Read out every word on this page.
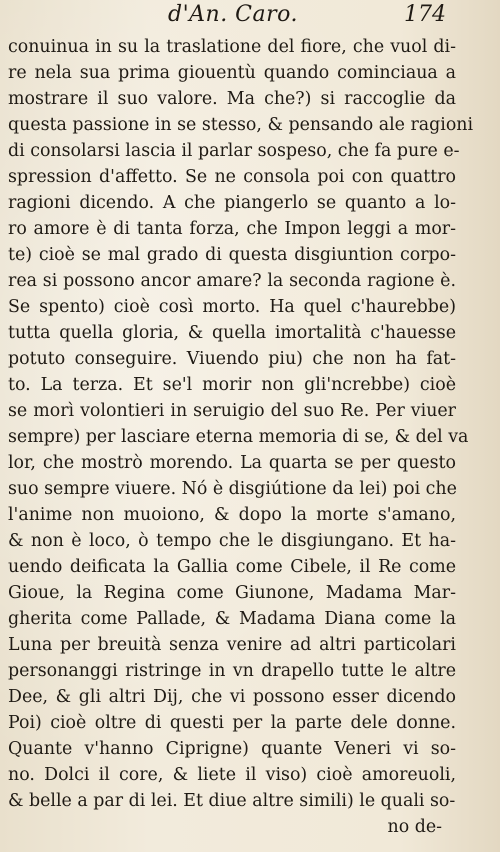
d'An. Caro.	174
conuinua in su la traslatione del fiore, che vuol di-
re nela sua prima giouentù quando cominciaua a
mostrare il suo valore. Ma che?) si raccoglie da
questa passione in se stesso, & pensando ale ragioni
di consolarsi lascia il parlar sospeso, che fa pure e-
spression d'affetto. Se ne consola poi con quattro
ragioni dicendo. A che piangerlo se quanto a lo-
ro amore è di tanta forza, che Impon leggi a mor-
te) cioè se mal grado di questa disgiuntion corpo-
rea si possono ancor amare? la seconda ragione è.
Se spento) cioè così morto. Ha quel c'haurebbe)
tutta quella gloria, & quella imortalità c'hauesse
potuto conseguire. Viuendo piu) che non ha fat-
to. La terza. Et se'l morir non gli'ncrebbe) cioè
se morì volontieri in seruigio del suo Re. Per viuer
sempre) per lasciare eterna memoria di se, & del va
lor, che mostrò morendo. La quarta se per questo
suo sempre viuere. Nó è disgiútione da lei) poi che
l'anime non muoiono, & dopo la morte s'amano,
& non è loco, ò tempo che le disgiungano. Et ha-
uendo deificata la Gallia come Cibele, il Re come
Gioue, la Regina come Giunone, Madama Mar-
gherita come Pallade, & Madama Diana come la
Luna per breuità senza venire ad altri particolari
personanggi ristringe in vn drapello tutte le altre
Dee, & gli altri Dij, che vi possono esser dicendo
Poi) cioè oltre di questi per la parte dele donne.
Quante v'hanno Ciprigne) quante Veneri vi so-
no. Dolci il core, & liete il viso) cioè amoreuoli,
& belle a par di lei. Et diue altre simili) le quali so-
no de-
